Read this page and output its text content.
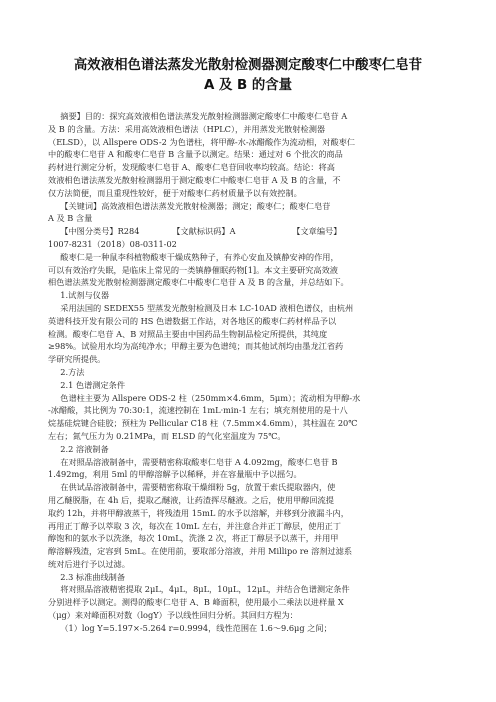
高效液相色谱法蒸发光散射检测器测定酸枣仁中酸枣仁皂苷
A 及 B 的含量

摘要】目的：探究高效液相色谱法蒸发光散射检测器测定酸枣仁中酸枣仁皂苷 A

及 B 的含量。方法：采用高效液相色谱法（HPLC），并用蒸发光散射检测器

（ELSD），以 Allspere ODS-2 为色谱柱，将甲醇-水-冰醋酸作为流动相，对酸枣仁

中的酸枣仁皂苷 A 和酸枣仁皂苷 B 含量予以测定。结果：通过对 6 个批次的商品

药材进行测定分析，发现酸枣仁皂苷 A、酸枣仁皂苷回收率均较高。结论：将高

效液相色谱法蒸发光散射检测器用于测定酸枣仁中酸枣仁皂苷 A 及 B 的含量，不

仅方法简便，而且重现性较好，便于对酸枣仁药材质量予以有效控制。

【关键词】高效液相色谱法蒸发光散射检测器；测定；酸枣仁；酸枣仁皂苷

A 及 B 含量

【中图分类号】R284	【文献标识码】A	【文章编号】

1007-8231（2018）08-0311-02

酸枣仁是一种鼠李科植物酸枣干燥成熟种子，有养心安血及镇静安神的作用，

可以有效治疗失眠，是临床上常见的一类镇静催眠药物[1]。本文主要研究高效液

相色谱法蒸发光散射检测器测定酸枣仁中酸枣仁皂苷 A 及 B 的含量，并总结如下。

1.试剂与仪器

采用法国的 SEDEX55 型蒸发光散射检测及日本 LC-10AD 液相色谱仪，由杭州

英谱科技开发有限公司的 HS 色谱数据工作站，对各地区的酸枣仁药材样品予以

检测。酸枣仁皂苷 A、B 对照品主要由中国药品生物制品检定所提供，其纯度

≥98%。试验用水均为高纯净水；甲醇主要为色谱纯；而其他试剂均由墨龙江省药

学研究所提供。

2.方法

2.1 色谱测定条件

色谱柱主要为 Allspere ODS-2 柱（250mm×4.6mm，5μm）；流动相为甲醇-水

-冰醋酸，其比例为 70:30:1，流速控制在 1mL·min-1 左右；填充剂使用的是十八

烷基硅烷键合硅胶；预柱为 Pellicular C18 柱（7.5mm×4.6mm），其柱温在 20℃

左右；氮气压力为 0.21MPa，而 ELSD 的气化室温度为 75℃。

2.2 溶液制备

在对照品溶液制备中，需要精密称取酸枣仁皂苷 A 4.092mg，酸枣仁皂苷 B

1.492mg，利用 5ml 的甲醇溶解予以稀释，并在容量瓶中予以摇匀。

在供试品溶液制备中，需要精密称取干燥细粉 5g，放置于索氏提取器内，使

用乙醚脱脂，在 4h 后，提取乙醚液，让药渣挥尽醚液。之后，使用甲醇回流提

取约 12h，并将甲醇液蒸干，将残渣用 15mL 的水予以溶解，并移到分液漏斗内，

再用正丁醇予以萃取 3 次，每次在 10mL 左右，并注意合并正丁醇层，使用正丁

醇饱和的氨水予以洗涤，每次 10mL，洗涤 2 次，将正丁醇层予以蒸干，并用甲

醇溶解残渣，定容到 5mL。在使用前，要取部分溶液，并用 Millipo re 溶剂过滤系

统对后进行予以过滤。

2.3 标准曲线制备

将对照品溶液精密提取 2μL，4μL，8μL，10μL，12μL，并结合色谱测定条件

分别进样予以测定。测得的酸枣仁皂苷 A、B 峰面积，使用最小二乘法以进样量 X

（μg）来对峰面积对数（logY）予以线性回归分析。其回归方程为：

（1）log Y=5.197×-5.264 r=0.9994，线性范围在 1.6～9.6μg 之间；
